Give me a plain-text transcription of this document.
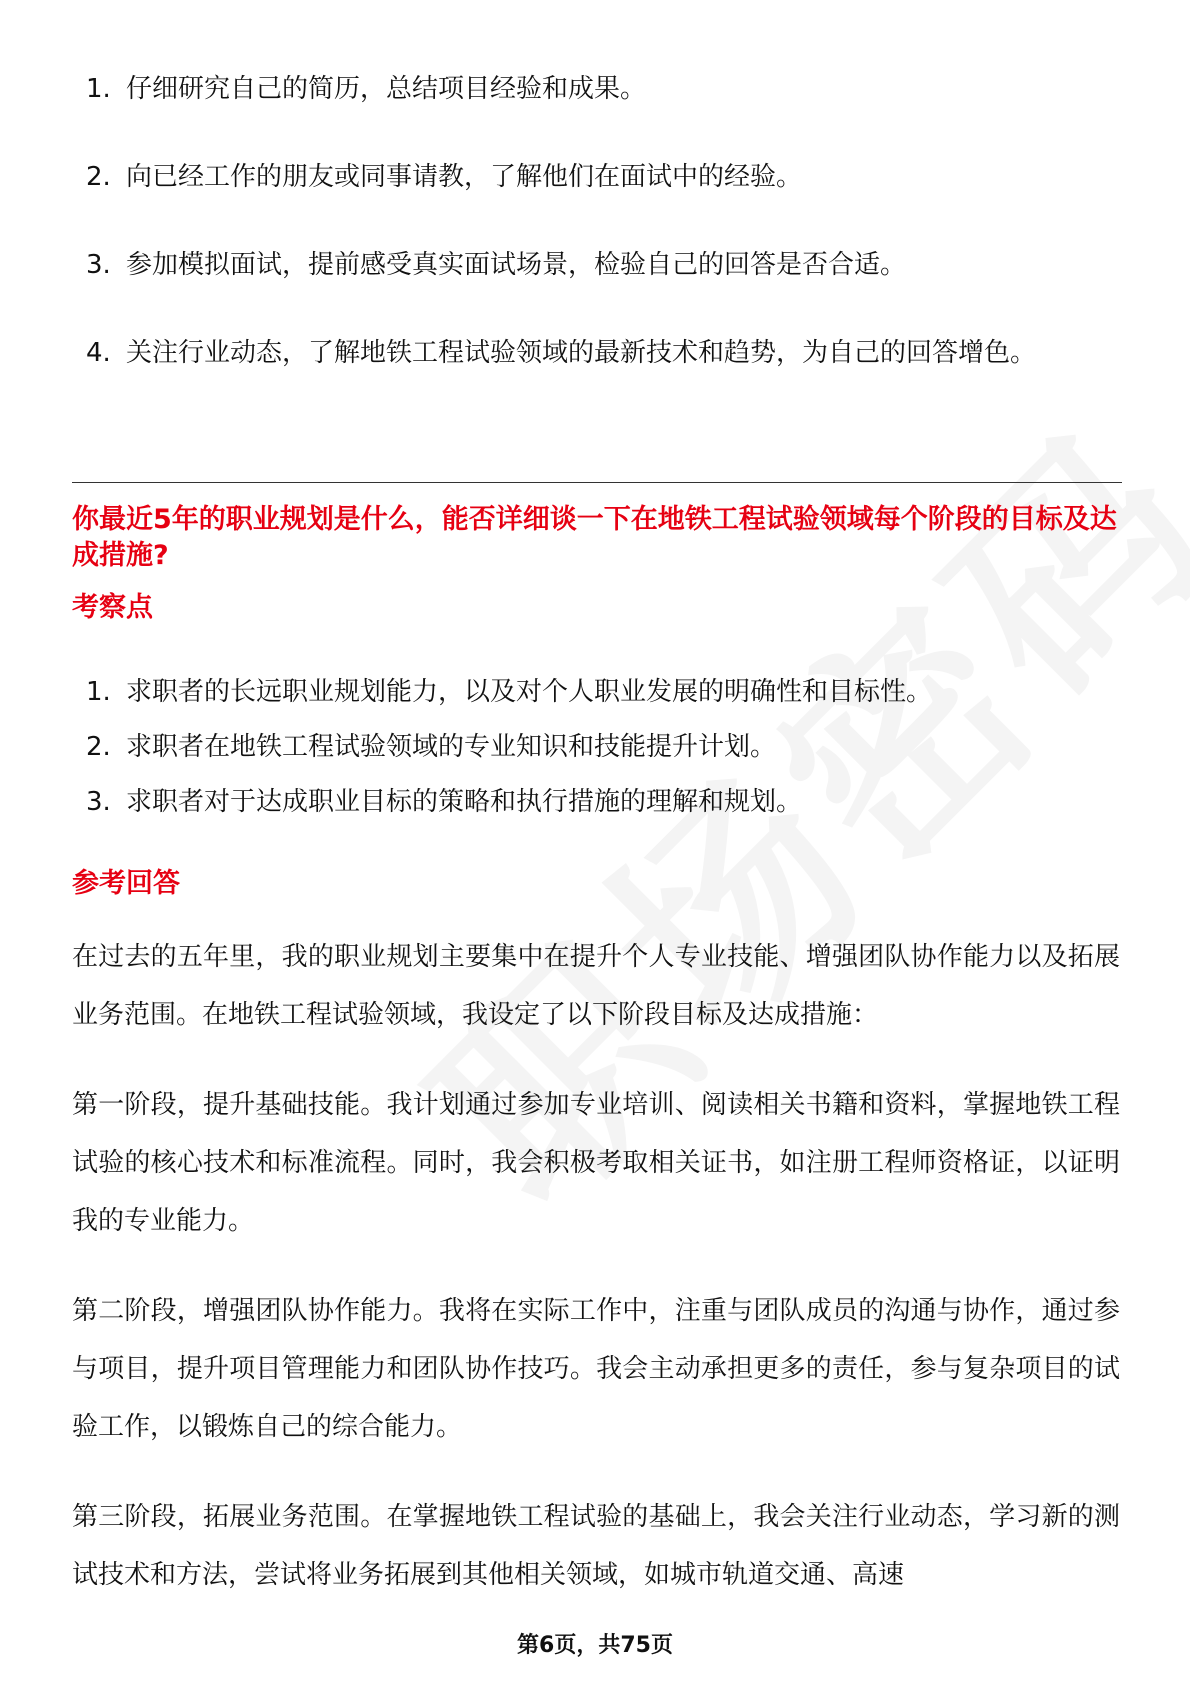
1. 仔细研究自己的简历，总结项目经验和成果。
2. 向已经工作的朋友或同事请教，了解他们在面试中的经验。
3. 参加模拟面试，提前感受真实面试场景，检验自己的回答是否合适。
4. 关注行业动态，了解地铁工程试验领域的最新技术和趋势，为自己的回答增色。
你最近5年的职业规划是什么，能否详细谈一下在地铁工程试验领域每个阶段的目标及达成措施?
考察点
1. 求职者的长远职业规划能力，以及对个人职业发展的明确性和目标性。
2. 求职者在地铁工程试验领域的专业知识和技能提升计划。
3. 求职者对于达成职业目标的策略和执行措施的理解和规划。
参考回答
在过去的五年里，我的职业规划主要集中在提升个人专业技能、增强团队协作能力以及拓展业务范围。在地铁工程试验领域，我设定了以下阶段目标及达成措施：
第一阶段，提升基础技能。我计划通过参加专业培训、阅读相关书籍和资料，掌握地铁工程试验的核心技术和标准流程。同时，我会积极考取相关证书，如注册工程师资格证，以证明我的专业能力。
第二阶段，增强团队协作能力。我将在实际工作中，注重与团队成员的沟通与协作，通过参与项目，提升项目管理能力和团队协作技巧。我会主动承担更多的责任，参与复杂项目的试验工作，以锻炼自己的综合能力。
第三阶段，拓展业务范围。在掌握地铁工程试验的基础上，我会关注行业动态，学习新的测试技术和方法，尝试将业务拓展到其他相关领域，如城市轨道交通、高速
第6页，共75页
